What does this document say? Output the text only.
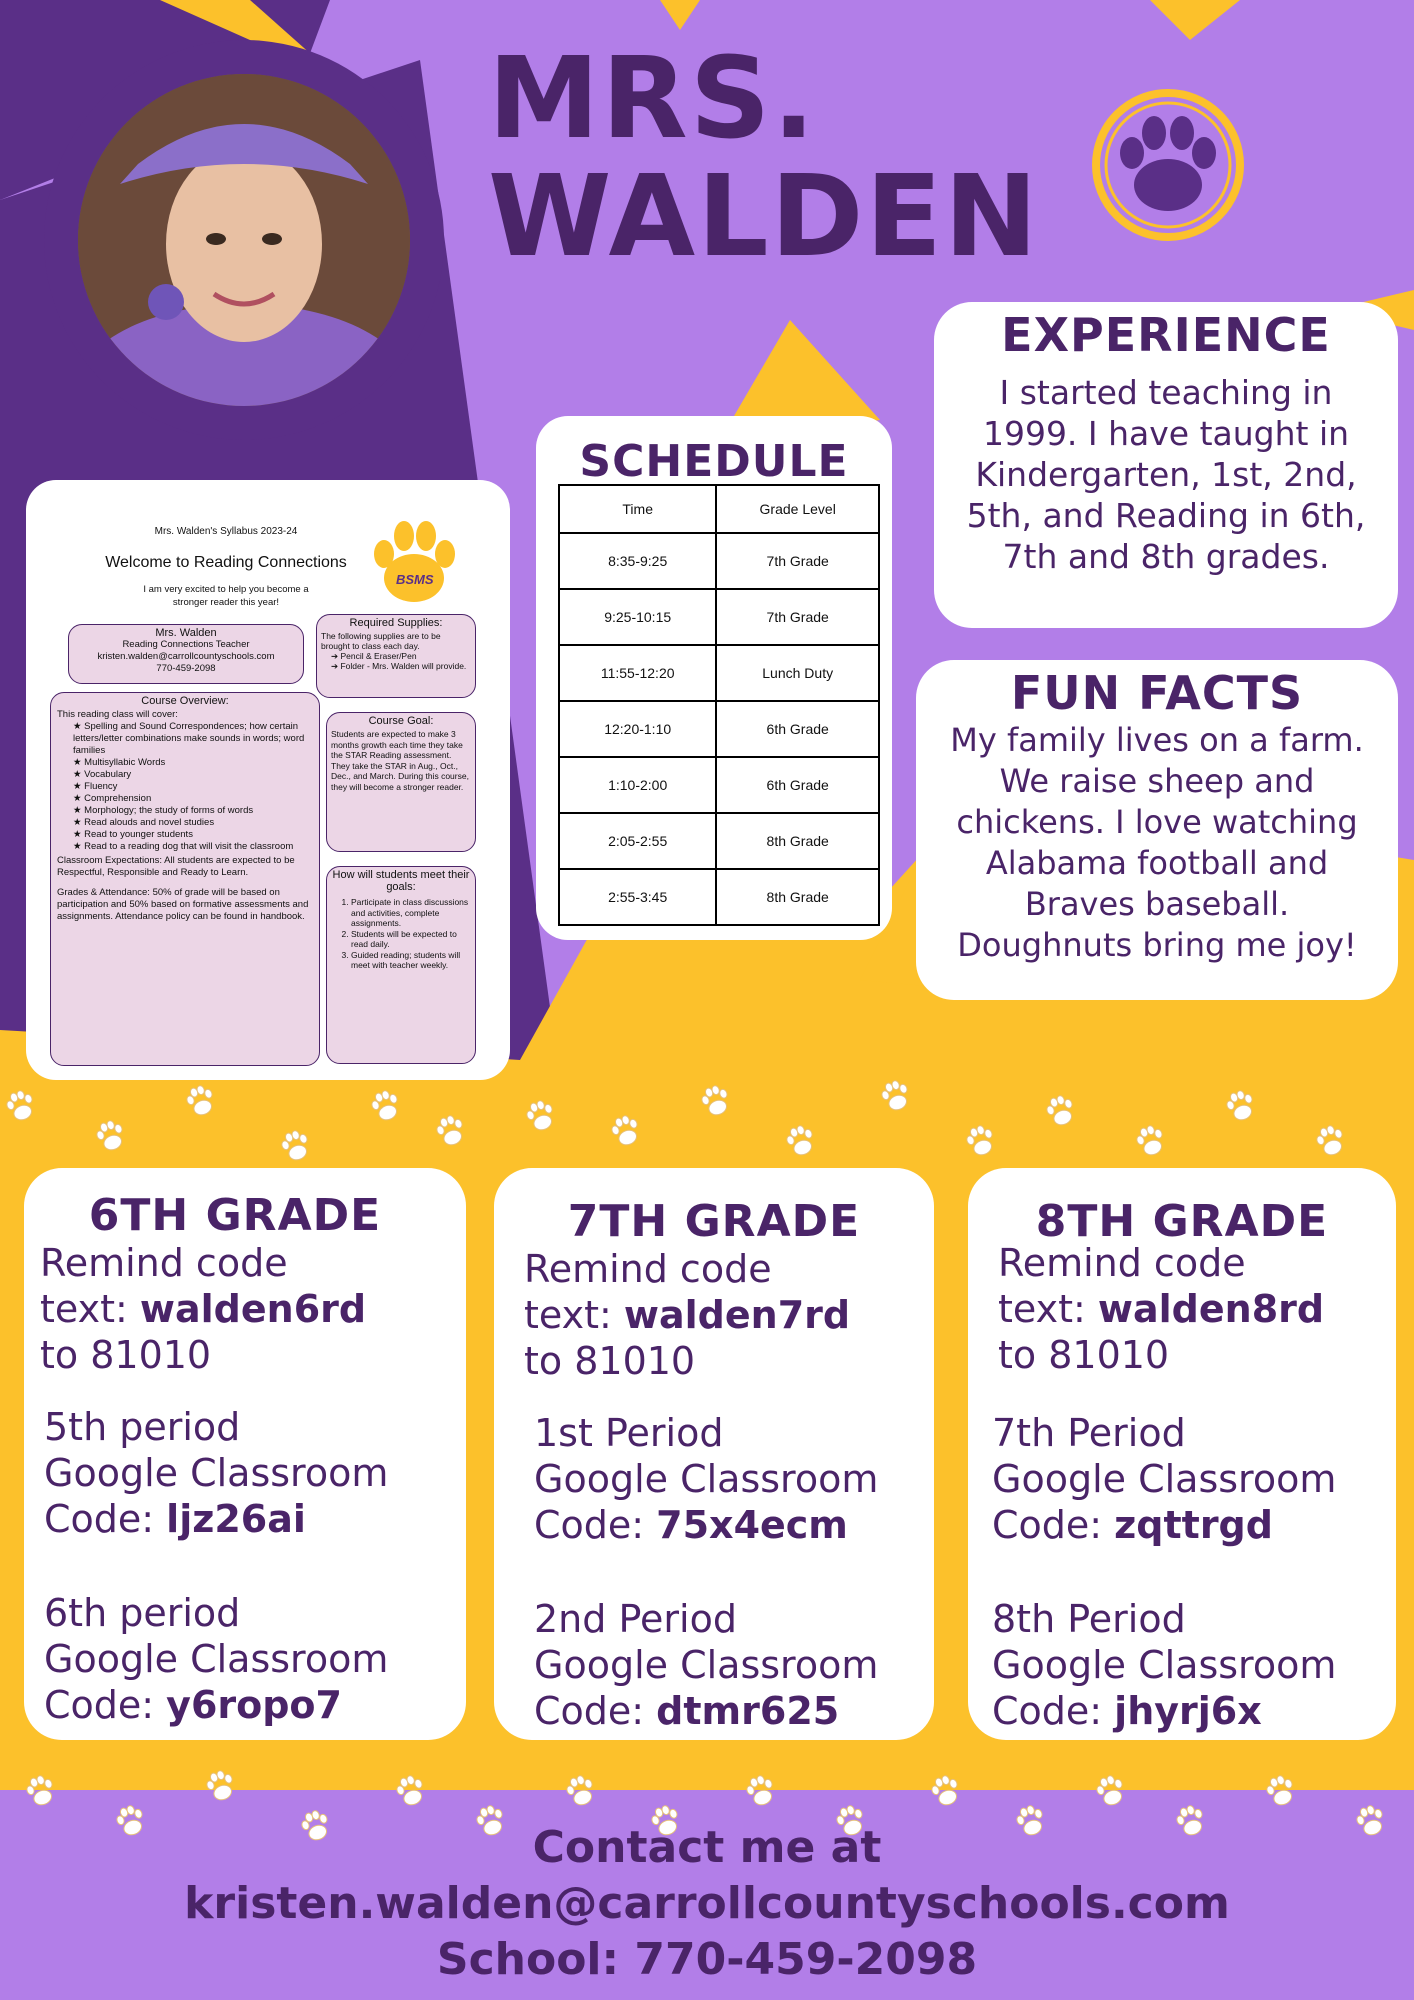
MRS.
WALDEN
EXPERIENCE
I started teaching in
1999. I have taught in
Kindergarten, 1st, 2nd,
5th, and Reading in 6th,
7th and 8th grades.
FUN FACTS
My family lives on a farm.
We raise sheep and
chickens. I love watching
Alabama football and
Braves baseball.
Doughnuts bring me joy!
SCHEDULE
Time	Grade Level
8:35-9:25	7th Grade
9:25-10:15	7th Grade
11:55-12:20	Lunch Duty
12:20-1:10	6th Grade
1:10-2:00	6th Grade
2:05-2:55	8th Grade
2:55-3:45	8th Grade
Mrs. Walden's Syllabus 2023-24
Welcome to Reading Connections
I am very excited to help you become a
stronger reader this year!
BSMS
Mrs. Walden
Reading Connections Teacher
kristen.walden@carrollcountyschools.com
770-459-2098
Required Supplies:
The following supplies are to be brought to class each day.
➔ Pencil & Eraser/Pen
➔ Folder - Mrs. Walden will provide.
Course Overview:
This reading class will cover:
★ Spelling and Sound Correspondences; how certain letters/letter combinations make sounds in words; word families
★ Multisyllabic Words
★ Vocabulary
★ Fluency
★ Comprehension
★ Morphology; the study of forms of words
★ Read alouds and novel studies
★ Read to younger students
★ Read to a reading dog that will visit the classroom
Classroom Expectations: All students are expected to be Respectful, Responsible and Ready to Learn.
Grades & Attendance: 50% of grade will be based on participation and 50% based on formative assessments and assignments. Attendance policy can be found in handbook.
Course Goal:
Students are expected to make 3 months growth each time they take the STAR Reading assessment. They take the STAR in Aug., Oct., Dec., and March. During this course, they will become a stronger reader.
How will students meet their goals:
1. Participate in class discussions and activities, complete assignments.
2. Students will be expected to read daily.
3. Guided reading; students will meet with teacher weekly.
6TH GRADE
Remind code
text: walden6rd
to 81010
5th period
Google Classroom
Code: ljz26ai
6th period
Google Classroom
Code: y6ropo7
7TH GRADE
Remind code
text: walden7rd
to 81010
1st Period
Google Classroom
Code: 75x4ecm
2nd Period
Google Classroom
Code: dtmr625
8TH GRADE
Remind code
text: walden8rd
to 81010
7th Period
Google Classroom
Code: zqttrgd
8th Period
Google Classroom
Code: jhyrj6x
Contact me at
kristen.walden@carrollcountyschools.com
School: 770-459-2098
